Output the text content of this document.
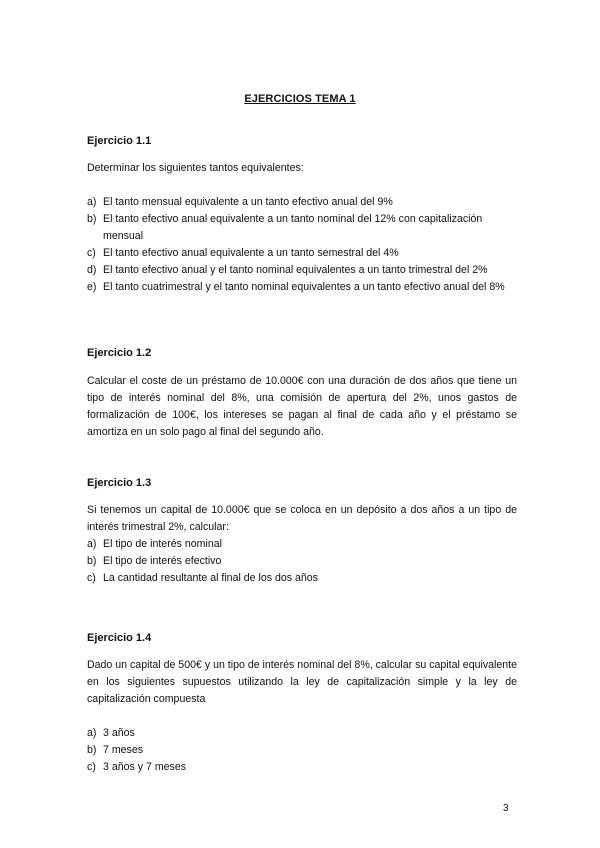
EJERCICIOS TEMA 1
Ejercicio 1.1
Determinar los siguientes tantos equivalentes:
a) El tanto mensual equivalente a un tanto efectivo anual del 9%
b) El tanto efectivo anual equivalente a un tanto nominal del 12% con capitalización mensual
c) El tanto efectivo anual equivalente a un tanto semestral del 4%
d) El tanto efectivo anual y el tanto nominal equivalentes a un tanto trimestral del 2%
e) El tanto cuatrimestral y el tanto nominal equivalentes a un tanto efectivo anual del 8%
Ejercicio 1.2
Calcular el coste de un préstamo de 10.000€ con una duración de dos años que tiene un tipo de interés nominal del 8%, una comisión de apertura del 2%, unos gastos de formalización de 100€, los intereses se pagan al final de cada año y el préstamo se amortiza en un solo pago al final del segundo año.
Ejercicio 1.3
Si tenemos un capital de 10.000€ que se coloca en un depósito a dos años a un tipo de interés trimestral 2%, calcular:
a) El tipo de interés nominal
b) El tipo de interés efectivo
c) La cantidad resultante al final de los dos años
Ejercicio 1.4
Dado un capital de 500€ y un tipo de interés nominal del 8%, calcular su capital equivalente en los siguientes supuestos utilizando la ley de capitalización simple y la ley de capitalización compuesta
a) 3 años
b) 7 meses
c) 3 años y 7 meses
3
